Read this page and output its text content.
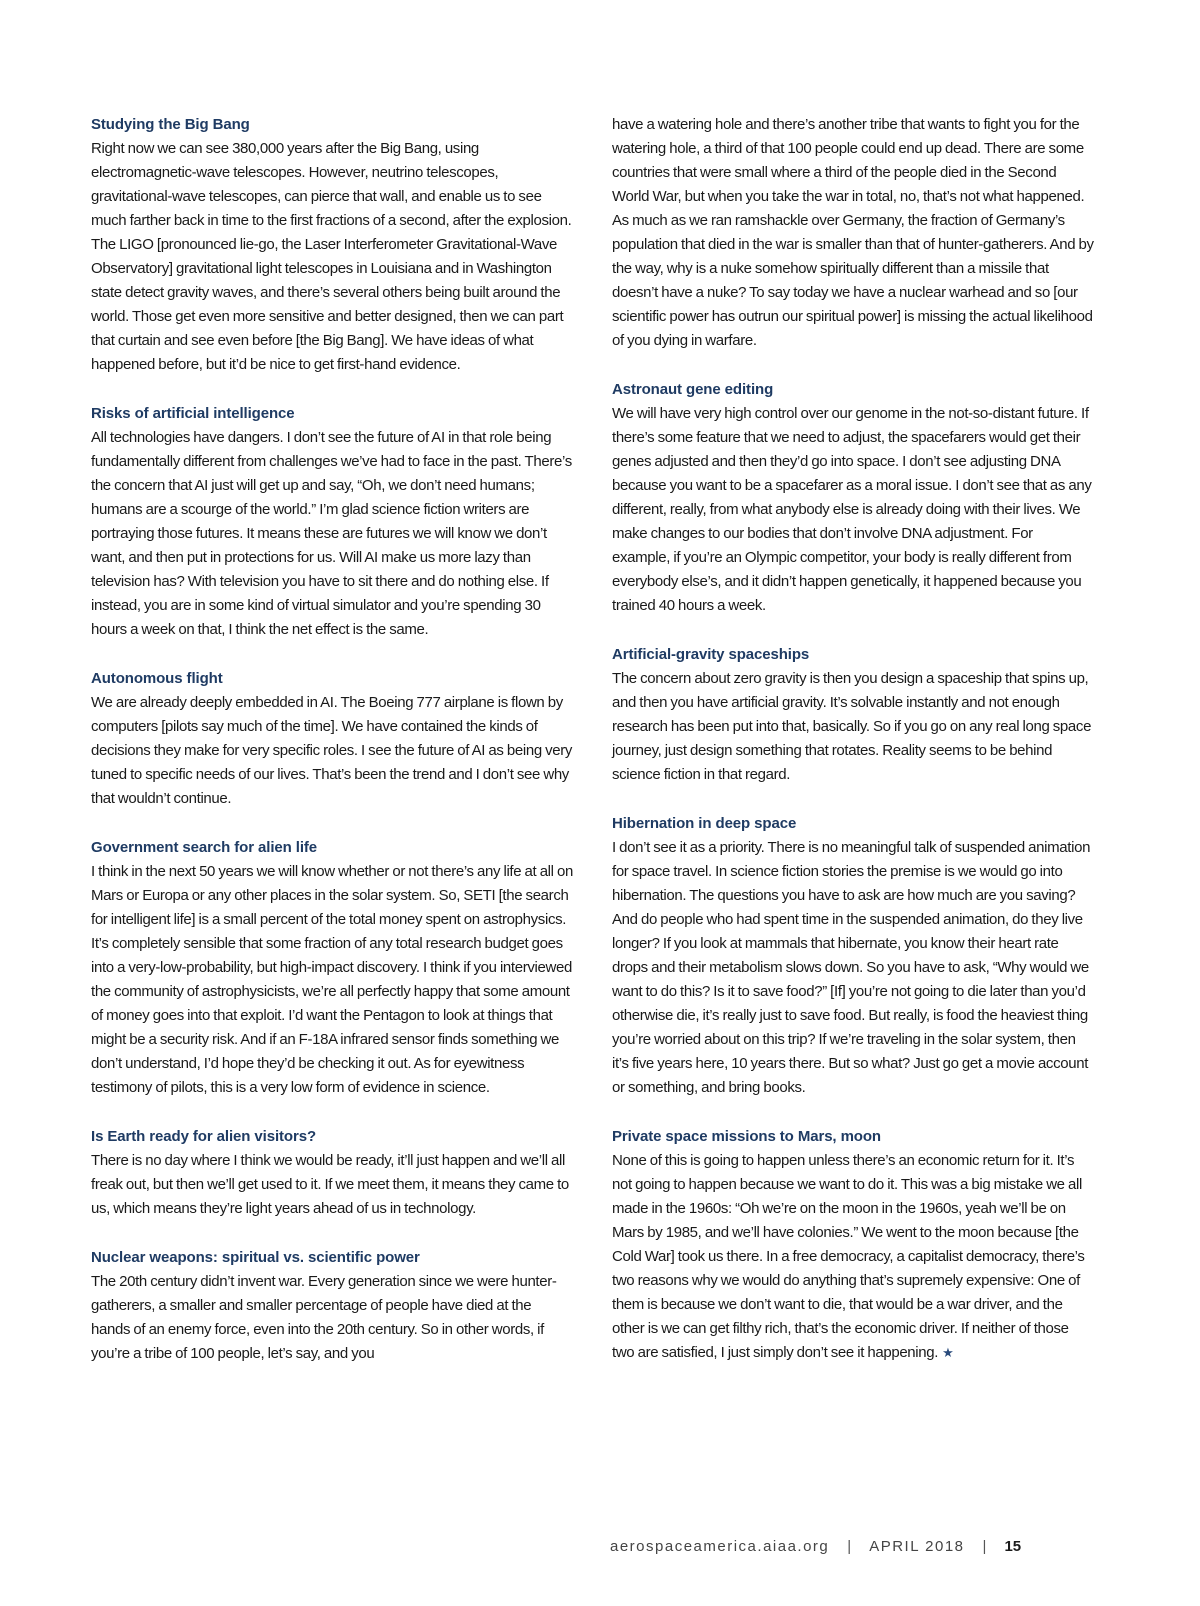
Studying the Big Bang

Right now we can see 380,000 years after the Big Bang, using electromagnetic-wave telescopes. However, neutrino telescopes, gravitational-wave telescopes, can pierce that wall, and enable us to see much farther back in time to the first fractions of a second, after the explosion. The LIGO [pronounced lie-go, the Laser Interferometer Gravitational-Wave Observatory] gravitational light telescopes in Louisiana and in Washington state detect gravity waves, and there’s several others being built around the world. Those get even more sensitive and better designed, then we can part that curtain and see even before [the Big Bang]. We have ideas of what happened before, but it’d be nice to get first-hand evidence.

Risks of artificial intelligence

All technologies have dangers. I don’t see the future of AI in that role being fundamentally different from challenges we’ve had to face in the past. There’s the concern that AI just will get up and say, “Oh, we don’t need humans; humans are a scourge of the world.” I’m glad science fiction writers are portraying those futures. It means these are futures we will know we don’t want, and then put in protections for us. Will AI make us more lazy than television has? With television you have to sit there and do nothing else. If instead, you are in some kind of virtual simulator and you’re spending 30 hours a week on that, I think the net effect is the same.

Autonomous flight

We are already deeply embedded in AI. The Boeing 777 airplane is flown by computers [pilots say much of the time]. We have contained the kinds of decisions they make for very specific roles. I see the future of AI as being very tuned to specific needs of our lives. That’s been the trend and I don’t see why that wouldn’t continue.

Government search for alien life

I think in the next 50 years we will know whether or not there’s any life at all on Mars or Europa or any other places in the solar system. So, SETI [the search for intelligent life] is a small percent of the total money spent on astrophysics. It’s completely sensible that some fraction of any total research budget goes into a very-low-probability, but high-impact discovery. I think if you interviewed the community of astrophysicists, we’re all perfectly happy that some amount of money goes into that exploit. I’d want the Pentagon to look at things that might be a security risk. And if an F-18A infrared sensor finds something we don’t understand, I’d hope they’d be checking it out. As for eyewitness testimony of pilots, this is a very low form of evidence in science.

Is Earth ready for alien visitors?

There is no day where I think we would be ready, it’ll just happen and we’ll all freak out, but then we’ll get used to it. If we meet them, it means they came to us, which means they’re light years ahead of us in technology.

Nuclear weapons: spiritual vs. scientific power

The 20th century didn’t invent war. Every generation since we were hunter-gatherers, a smaller and smaller percentage of people have died at the hands of an enemy force, even into the 20th century. So in other words, if you’re a tribe of 100 people, let’s say, and you

have a watering hole and there’s another tribe that wants to fight you for the watering hole, a third of that 100 people could end up dead. There are some countries that were small where a third of the people died in the Second World War, but when you take the war in total, no, that’s not what happened. As much as we ran ramshackle over Germany, the fraction of Germany’s population that died in the war is smaller than that of hunter-gatherers. And by the way, why is a nuke somehow spiritually different than a missile that doesn’t have a nuke? To say today we have a nuclear warhead and so [our scientific power has outrun our spiritual power] is missing the actual likelihood of you dying in warfare.

Astronaut gene editing

We will have very high control over our genome in the not-so-distant future. If there’s some feature that we need to adjust, the spacefarers would get their genes adjusted and then they’d go into space. I don’t see adjusting DNA because you want to be a spacefarer as a moral issue. I don’t see that as any different, really, from what anybody else is already doing with their lives. We make changes to our bodies that don’t involve DNA adjustment. For example, if you’re an Olympic competitor, your body is really different from everybody else’s, and it didn’t happen genetically, it happened because you trained 40 hours a week.

Artificial-gravity spaceships

The concern about zero gravity is then you design a spaceship that spins up, and then you have artificial gravity. It’s solvable instantly and not enough research has been put into that, basically. So if you go on any real long space journey, just design something that rotates. Reality seems to be behind science fiction in that regard.

Hibernation in deep space

I don’t see it as a priority. There is no meaningful talk of suspended animation for space travel. In science fiction stories the premise is we would go into hibernation. The questions you have to ask are how much are you saving? And do people who had spent time in the suspended animation, do they live longer? If you look at mammals that hibernate, you know their heart rate drops and their metabolism slows down. So you have to ask, “Why would we want to do this? Is it to save food?” [If] you’re not going to die later than you’d otherwise die, it’s really just to save food. But really, is food the heaviest thing you’re worried about on this trip? If we’re traveling in the solar system, then it’s five years here, 10 years there. But so what? Just go get a movie account or something, and bring books.

Private space missions to Mars, moon

None of this is going to happen unless there’s an economic return for it. It’s not going to happen because we want to do it. This was a big mistake we all made in the 1960s: “Oh we’re on the moon in the 1960s, yeah we’ll be on Mars by 1985, and we’ll have colonies.” We went to the moon because [the Cold War] took us there. In a free democracy, a capitalist democracy, there’s two reasons why we would do anything that’s supremely expensive: One of them is because we don’t want to die, that would be a war driver, and the other is we can get filthy rich, that’s the economic driver. If neither of those two are satisfied, I just simply don’t see it happening. ★

aerospaceamerica.aiaa.org | APRIL 2018 | 15
